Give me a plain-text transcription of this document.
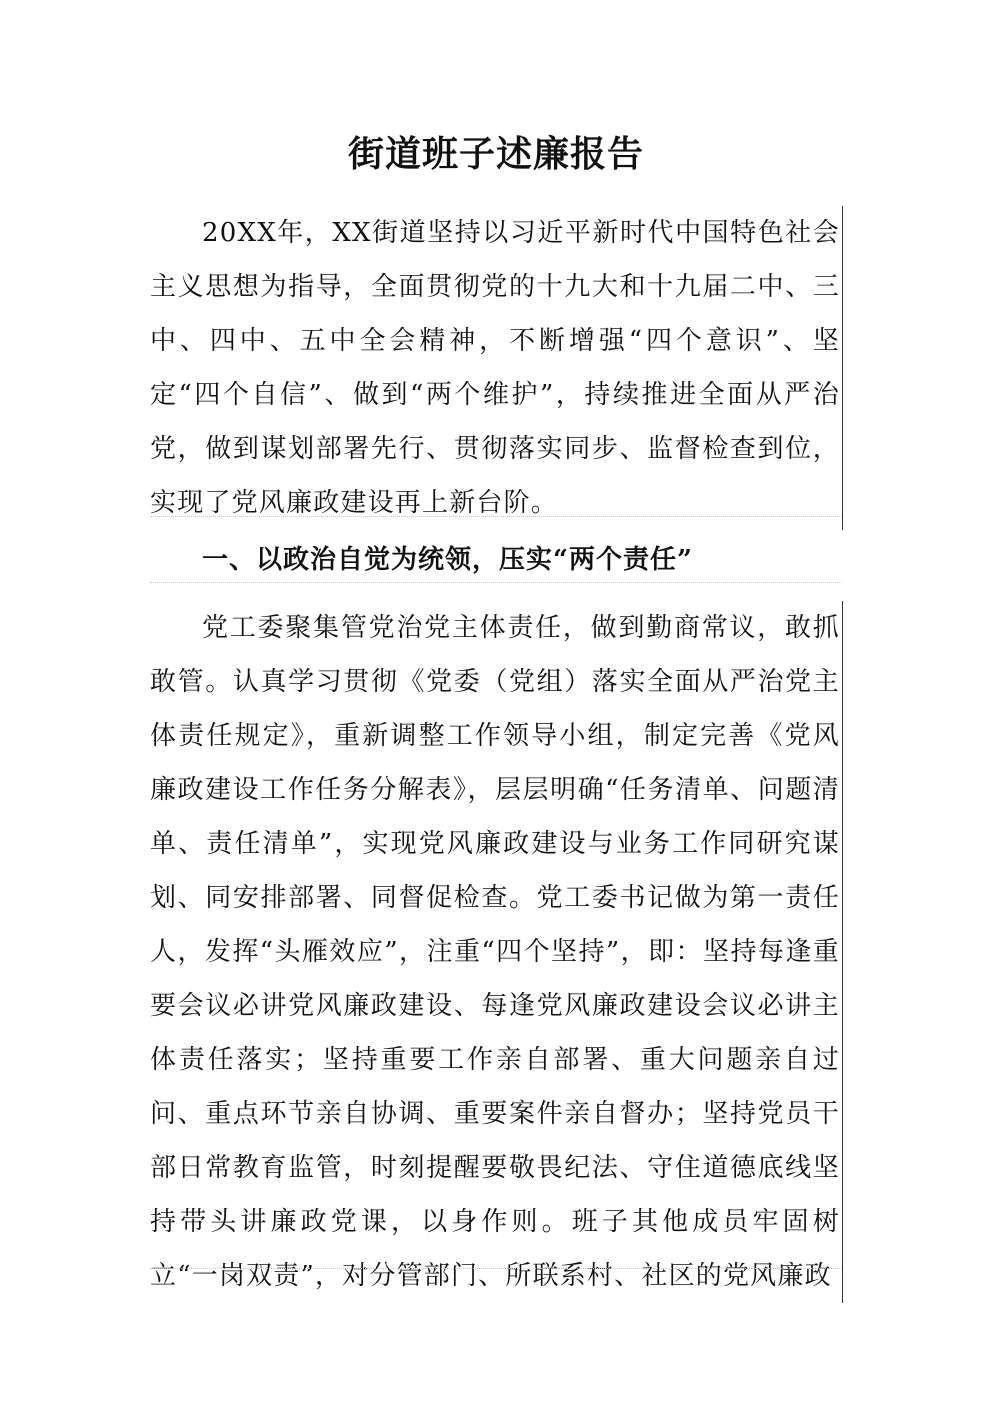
街道班子述廉报告

20XX年，XX街道坚持以习近平新时代中国特色社会主义思想为指导，全面贯彻党的十九大和十九届二中、三中、四中、五中全会精神，不断增强“四个意识”、坚定“四个自信”、做到“两个维护”，持续推进全面从严治党，做到谋划部署先行、贯彻落实同步、监督检查到位，实现了党风廉政建设再上新台阶。

一、以政治自觉为统领，压实“两个责任”

党工委聚集管党治党主体责任，做到勤商常议，敢抓敢管。认真学习贯彻《党委（党组）落实全面从严治党主体责任规定》，重新调整工作领导小组，制定完善《党风廉政建设工作任务分解表》，层层明确“任务清单、问题清单、责任清单”，实现党风廉政建设与业务工作同研究谋划、同安排部署、同督促检查。党工委书记做为第一责任人，发挥“头雁效应”，注重“四个坚持”，即：坚持每逢重要会议必讲党风廉政建设、每逢党风廉政建设会议必讲主体责任落实；坚持重要工作亲自部署、重大问题亲自过问、重点环节亲自协调、重要案件亲自督办；坚持党员干部日常教育监管，时刻提醒要敬畏纪法、守住道德底线坚持带头讲廉政党课，以身作则。班子其他成员牢固树立“一岗双责”，对分管部门、所联系村、社区的党风廉政
